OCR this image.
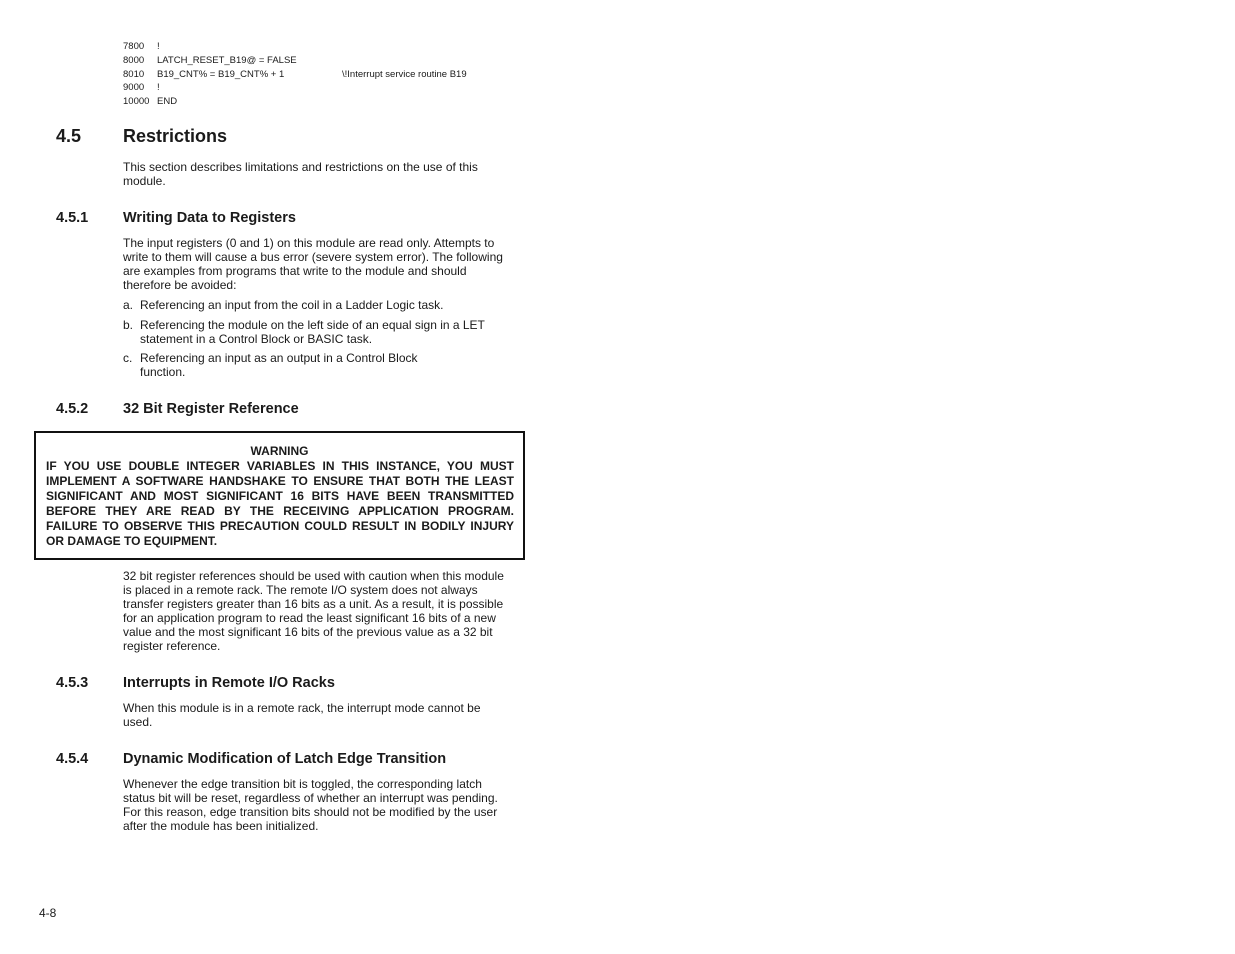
7800	!
8000	LATCH_RESET_B19@ = FALSE
8010	B19_CNT% = B19_CNT% + 1	\!Interrupt service routine B19
9000	!
10000 END
4.5 Restrictions

This section describes limitations and restrictions on the use of this module.

4.5.1 Writing Data to Registers

The input registers (0 and 1) on this module are read only. Attempts to write to them will cause a bus error (severe system error). The following are examples from programs that write to the module and should therefore be avoided:

a. Referencing an input from the coil in a Ladder Logic task.
b. Referencing the module on the left side of an equal sign in a LET statement in a Control Block or BASIC task.
c. Referencing an input as an output in a Control Block function.
4.5.2 32 Bit Register Reference
WARNING
IF YOU USE DOUBLE INTEGER VARIABLES IN THIS INSTANCE, YOU MUST IMPLEMENT A SOFTWARE HANDSHAKE TO ENSURE THAT BOTH THE LEAST SIGNIFICANT AND MOST SIGNIFICANT 16 BITS HAVE BEEN TRANSMITTED BEFORE THEY ARE READ BY THE RECEIVING APPLICATION PROGRAM. FAILURE TO OBSERVE THIS PRECAUTION COULD RESULT IN BODILY INJURY OR DAMAGE TO EQUIPMENT.

32 bit register references should be used with caution when this module is placed in a remote rack. The remote I/O system does not always transfer registers greater than 16 bits as a unit. As a result, it is possible for an application program to read the least significant 16 bits of a new value and the most significant 16 bits of the previous value as a 32 bit register reference.

4.5.3 Interrupts in Remote I/O Racks

When this module is in a remote rack, the interrupt mode cannot be used.

4.5.4 Dynamic Modification of Latch Edge Transition

Whenever the edge transition bit is toggled, the corresponding latch status bit will be reset, regardless of whether an interrupt was pending. For this reason, edge transition bits should not be modified by the user after the module has been initialized.

4-8
